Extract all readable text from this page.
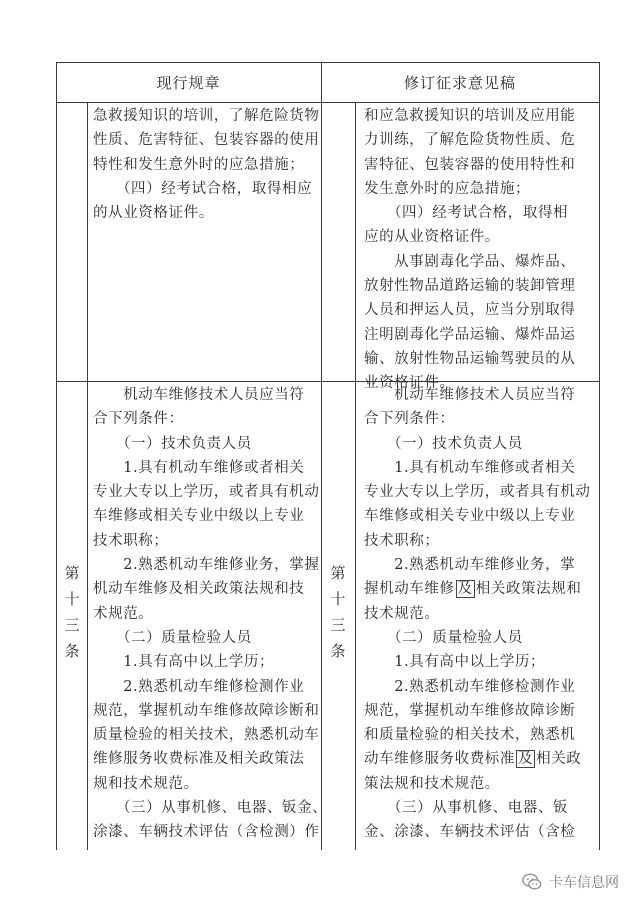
现行规章	修订征求意见稿
急救援知识的培训，了解危险货物
性质、危害特征、包装容器的使用
特性和发生意外时的应急措施；
　　（四）经考试合格，取得相应
的从业资格证件。
和应急救援知识的培训及应用能
力训练，了解危险货物性质、危
害特征、包装容器的使用特性和
发生意外时的应急措施；
　　（四）经考试合格，取得相
应的从业资格证件。
　　从事剧毒化学品、爆炸品、
放射性物品道路运输的装卸管理
人员和押运人员，应当分别取得
注明剧毒化学品运输、爆炸品运
输、放射性物品运输驾驶员的从
业资格证件。
第
十
三
条
第
十
三
条
　　机动车维修技术人员应当符
合下列条件：
　　（一）技术负责人员
　　1.具有机动车维修或者相关
专业大专以上学历，或者具有机动
车维修或相关专业中级以上专业
技术职称；
　　2.熟悉机动车维修业务，掌握
机动车维修及相关政策法规和技
术规范。
　　（二）质量检验人员
　　1.具有高中以上学历；
　　2.熟悉机动车维修检测作业
规范，掌握机动车维修故障诊断和
质量检验的相关技术，熟悉机动车
维修服务收费标准及相关政策法
规和技术规范。
　　（三）从事机修、电器、钣金、
涂漆、车辆技术评估（含检测）作
　　机动车维修技术人员应当符
合下列条件：
　　（一）技术负责人员
　　1.具有机动车维修或者相关
专业大专以上学历，或者具有机动
车维修或相关专业中级以上专业
技术职称；
　　2.熟悉机动车维修业务，掌
握机动车维修 及 相关政策法规和
技术规范。
　　（二）质量检验人员
　　1.具有高中以上学历；
　　2.熟悉机动车维修检测作业
规范，掌握机动车维修故障诊断
和质量检验的相关技术，熟悉机
动车维修服务收费标准 及 相关政
策法规和技术规范。
　　（三）从事机修、电器、钣
金、涂漆、车辆技术评估（含检
卡车信息网
